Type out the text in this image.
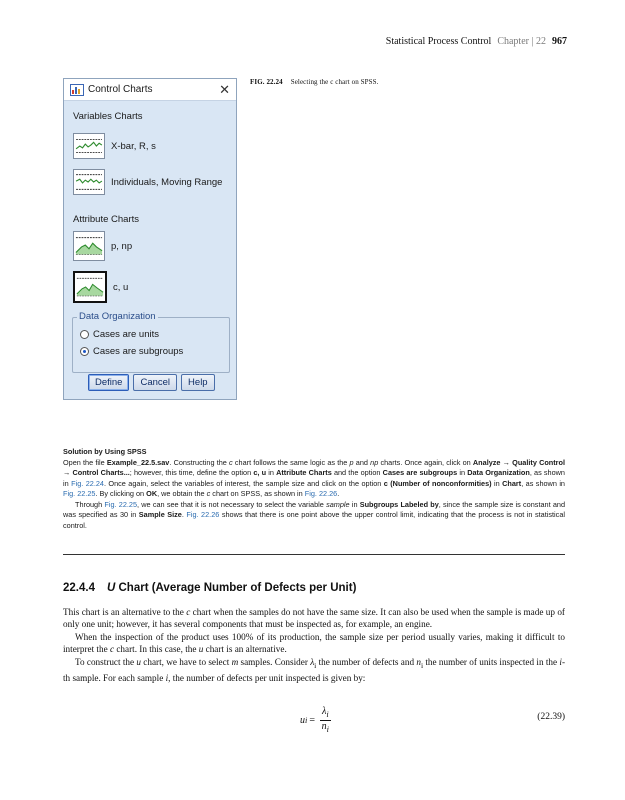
Statistical Process Control Chapter | 22 967
Control Charts	✕
Variables Charts
X-bar, R, s
Individuals, Moving Range
Attribute Charts
p, np
c, u
Data Organization
Cases are units
Cases are subgroups
Define	Cancel	Help
FIG. 22.24 Selecting the c chart on SPSS.
Solution by Using SPSS

Open the file Example_22.5.sav. Constructing the c chart follows the same logic as the p and np charts. Once again, click on Analyze → Quality Control → Control Charts...; however, this time, define the option c, u in Attribute Charts and the option Cases are subgroups in Data Organization, as shown in Fig. 22.24. Once again, select the variables of interest, the sample size and click on the option c (Number of nonconformities) in Chart, as shown in Fig. 22.25. By clicking on OK, we obtain the c chart on SPSS, as shown in Fig. 22.26.

Through Fig. 22.25, we can see that it is not necessary to select the variable sample in Subgroups Labeled by, since the sample size is constant and was specified as 30 in Sample Size. Fig. 22.26 shows that there is one point above the upper control limit, indicating that the process is not in statistical control.

22.4.4 U Chart (Average Number of Defects per Unit)

This chart is an alternative to the c chart when the samples do not have the same size. It can also be used when the sample is made up of only one unit; however, it has several components that must be inspected as, for example, an engine.

When the inspection of the product uses 100% of its production, the sample size per period usually varies, making it difficult to interpret the c chart. In this case, the u chart is an alternative.

To construct the u chart, we have to select m samples. Consider $\lambda_i$ the number of defects and $n_i$ the number of units inspected in the i-th sample. For each sample i, the number of defects per unit inspected is given by:

u $i = \frac{\lambda_i}{n_i}$	(22.39)
